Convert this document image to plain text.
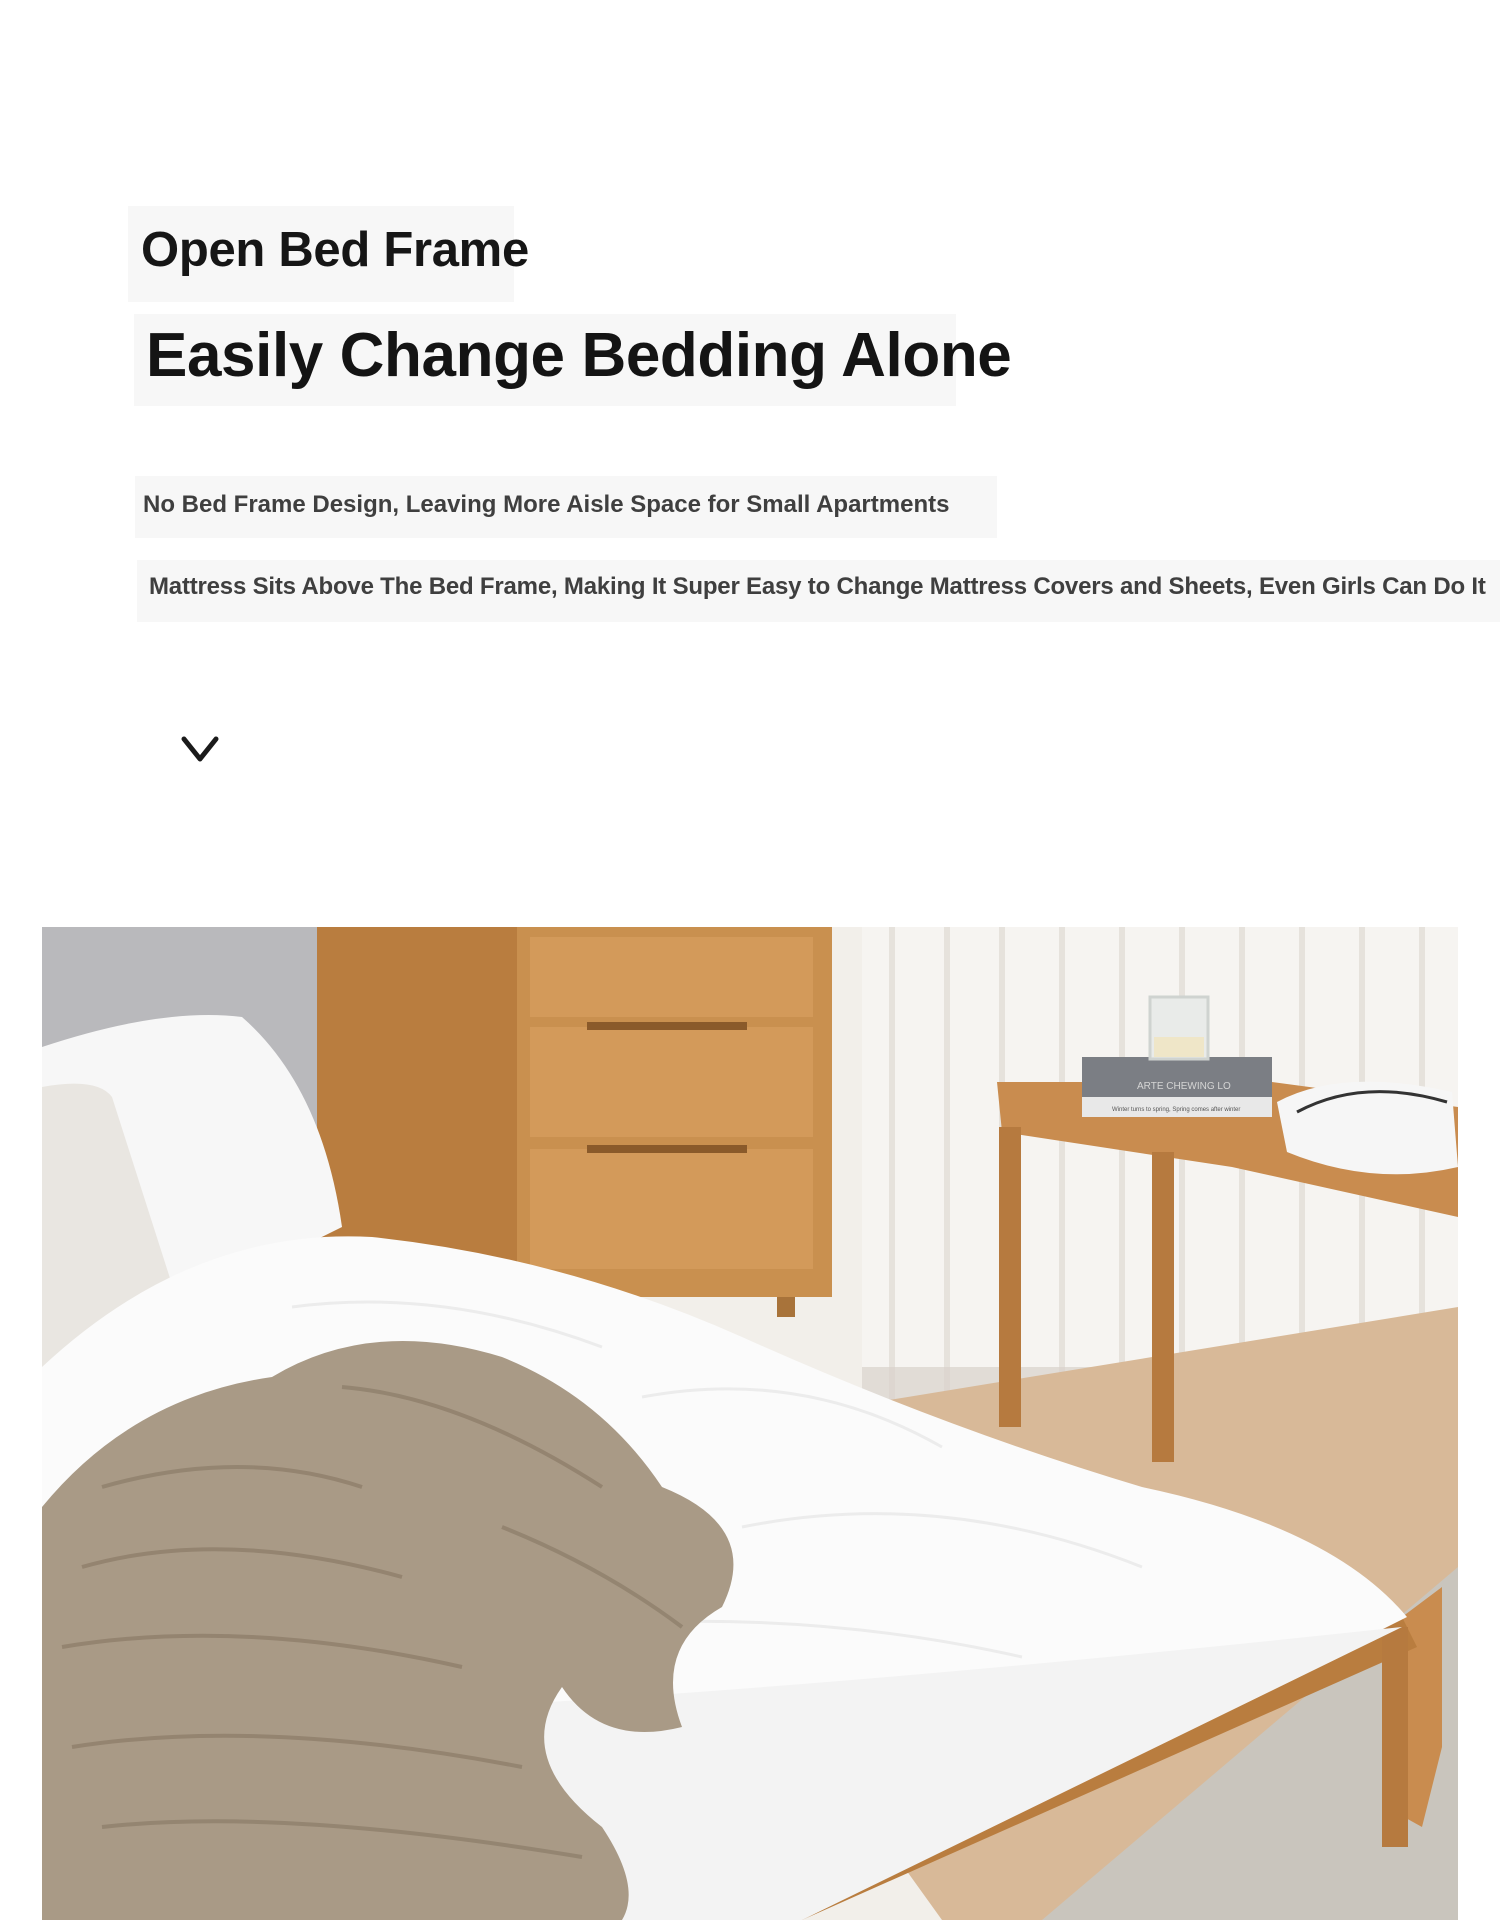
Open Bed Frame
Easily Change Bedding Alone

No Bed Frame Design, Leaving More Aisle Space for Small Apartments

Mattress Sits Above The Bed Frame, Making It Super Easy to Change Mattress Covers and Sheets, Even Girls Can Do It

ARTE CHEWING LO
Winter turns to spring, Spring comes after winter
